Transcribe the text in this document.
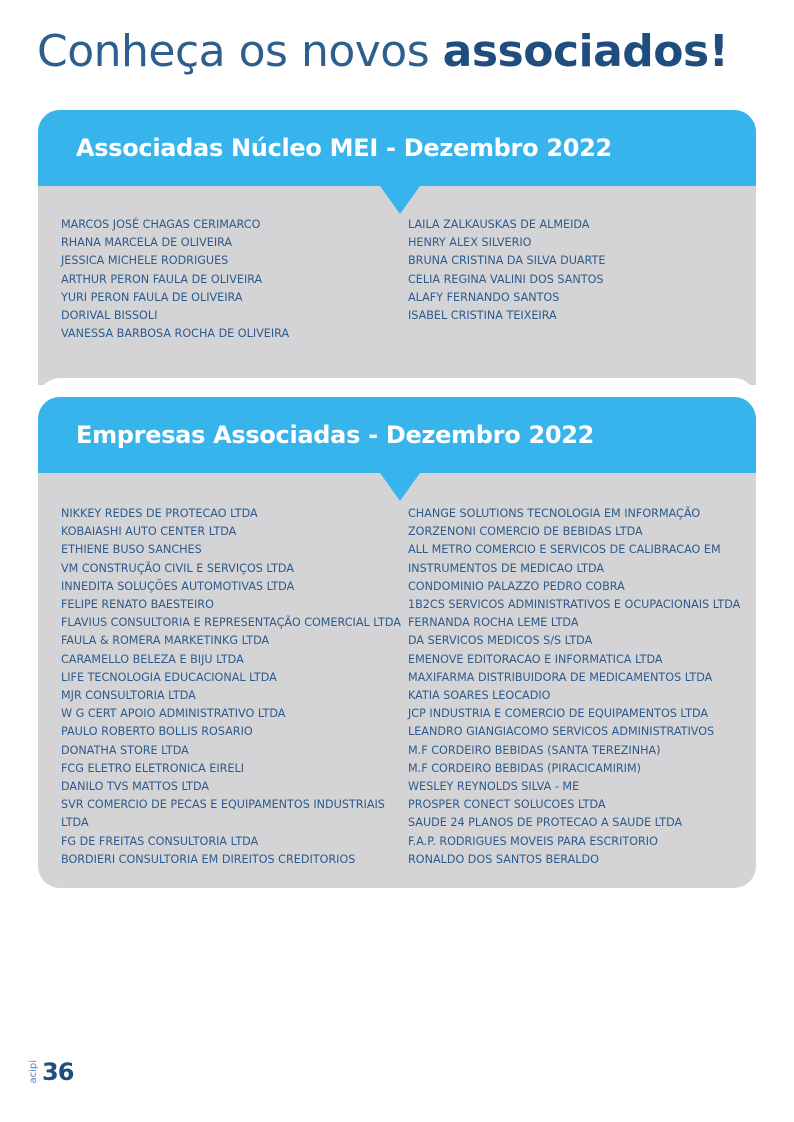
Conheça os novos associados!
Associadas Núcleo MEI - Dezembro 2022
MARCOS JOSÉ CHAGAS CERIMARCO
RHANA MARCELA DE OLIVEIRA
JESSICA MICHELE RODRIGUES
ARTHUR PERON FAULA DE OLIVEIRA
YURI PERON FAULA DE OLIVEIRA
DORIVAL BISSOLI
VANESSA BARBOSA ROCHA DE OLIVEIRA
LAILA ZALKAUSKAS DE ALMEIDA
HENRY ALEX SILVERIO
BRUNA CRISTINA DA SILVA DUARTE
CELIA REGINA VALINI DOS SANTOS
ALAFY FERNANDO SANTOS
ISABEL CRISTINA TEIXEIRA
Empresas Associadas - Dezembro 2022
NIKKEY REDES DE PROTECAO LTDA
KOBAIASHI AUTO CENTER LTDA
ETHIENE BUSO SANCHES
VM CONSTRUÇÃO CIVIL E SERVIÇOS LTDA
INNEDITA SOLUÇÕES AUTOMOTIVAS LTDA
FELIPE RENATO BAESTEIRO
FLAVIUS CONSULTORIA E REPRESENTAÇÃO COMERCIAL LTDA
FAULA & ROMERA MARKETINKG LTDA
CARAMELLO BELEZA E BIJU LTDA
LIFE TECNOLOGIA EDUCACIONAL LTDA
MJR CONSULTORIA LTDA
W G CERT APOIO ADMINISTRATIVO LTDA
PAULO ROBERTO BOLLIS ROSARIO
DONATHA STORE LTDA
FCG ELETRO ELETRONICA EIRELI
DANILO TVS MATTOS LTDA
SVR COMERCIO DE PECAS E EQUIPAMENTOS INDUSTRIAIS
LTDA
FG DE FREITAS CONSULTORIA LTDA
BORDIERI CONSULTORIA EM DIREITOS CREDITORIOS
CHANGE SOLUTIONS TECNOLOGIA EM INFORMAÇÃO
ZORZENONI COMERCIO DE BEBIDAS LTDA
ALL METRO COMERCIO E SERVICOS DE CALIBRACAO EM
INSTRUMENTOS DE MEDICAO LTDA
CONDOMINIO PALAZZO PEDRO COBRA
1B2CS SERVICOS ADMINISTRATIVOS E OCUPACIONAIS LTDA
FERNANDA ROCHA LEME LTDA
DA SERVICOS MEDICOS S/S LTDA
EMENOVE EDITORACAO E INFORMATICA LTDA
MAXIFARMA DISTRIBUIDORA DE MEDICAMENTOS LTDA
KATIA SOARES LEOCADIO
JCP INDUSTRIA E COMERCIO DE EQUIPAMENTOS LTDA
LEANDRO GIANGIACOMO SERVICOS ADMINISTRATIVOS
M.F CORDEIRO BEBIDAS (SANTA TEREZINHA)
M.F CORDEIRO BEBIDAS (PIRACICAMIRIM)
WESLEY REYNOLDS SILVA - ME
PROSPER CONECT SOLUCOES LTDA
SAUDE 24 PLANOS DE PROTECAO A SAUDE LTDA
F.A.P. RODRIGUES MOVEIS PARA ESCRITORIO
RONALDO DOS SANTOS BERALDO
acipi 36
